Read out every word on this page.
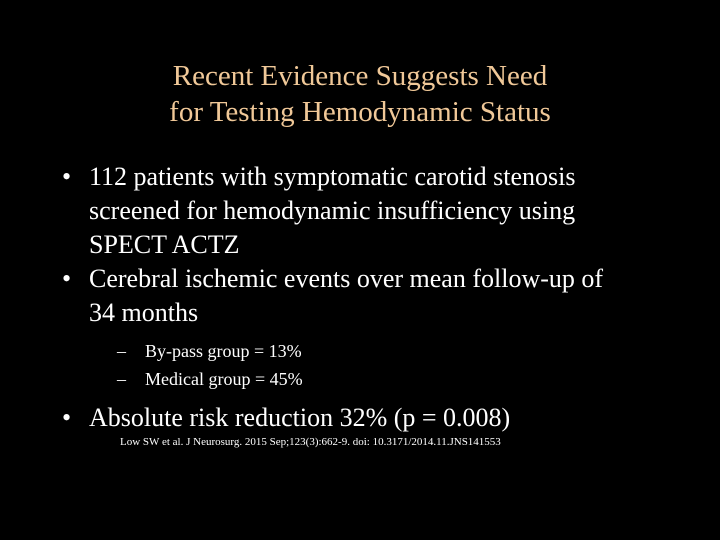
Recent Evidence Suggests Need
for Testing Hemodynamic Status
• 112 patients with symptomatic carotid stenosis
screened for hemodynamic insufficiency using
SPECT ACTZ
• Cerebral ischemic events over mean follow-up of
34 months
– By-pass group = 13%
– Medical group = 45%
• Absolute risk reduction 32% (p = 0.008)
Low SW et al. J Neurosurg. 2015 Sep;123(3):662-9. doi: 10.3171/2014.11.JNS141553
